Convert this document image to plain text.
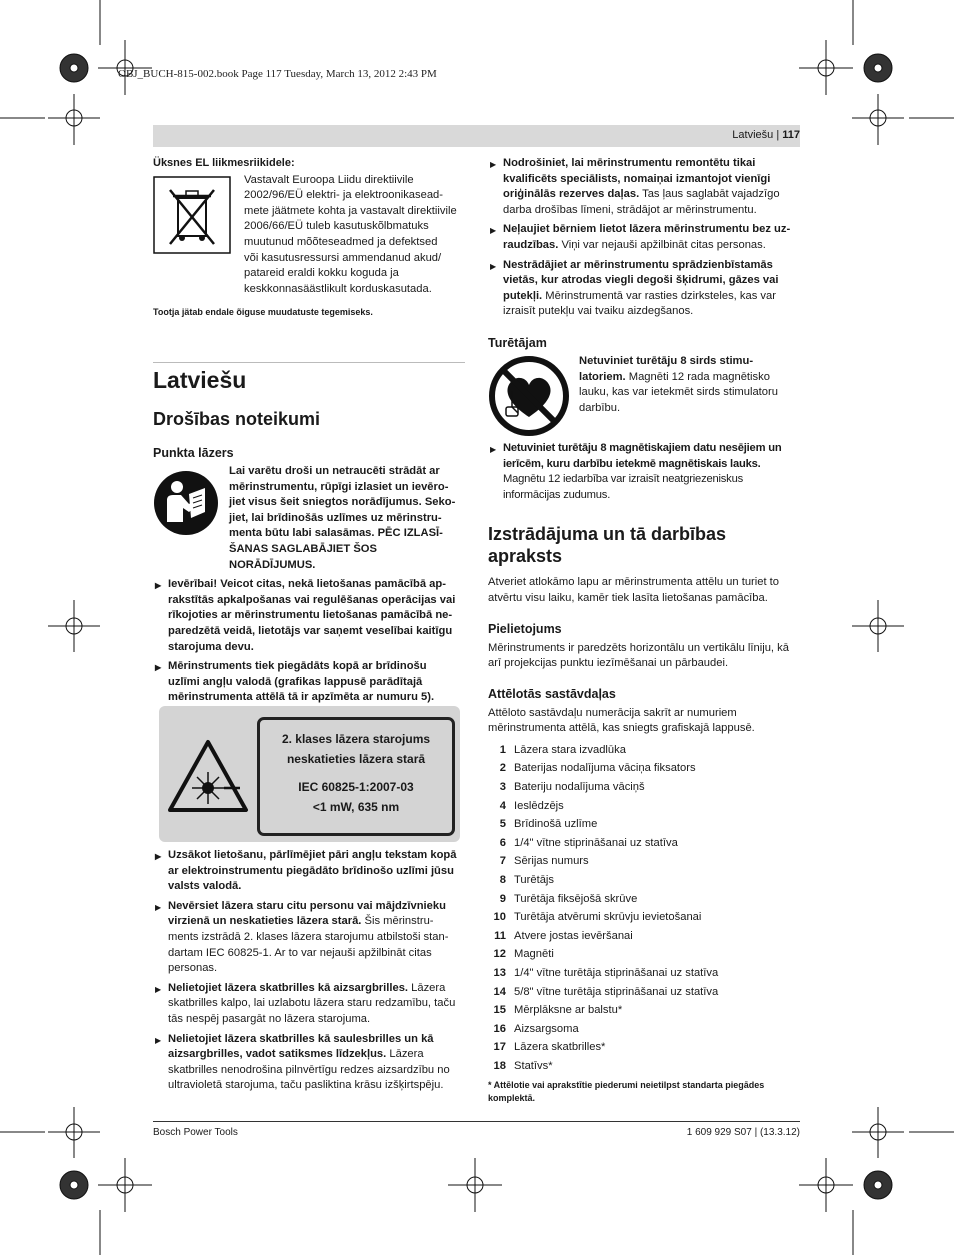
OBJ_BUCH-815-002.book Page 117 Tuesday, March 13, 2012 2:43 PM
Latviešu | 117

Üksnes EL liikmesriikidele:

Vastavalt Euroopa Liidu direktiivile

2002/96/EÜ elektri- ja elektroonikasead-

mete jäätmete kohta ja vastavalt direktiivile

2006/66/EÜ tuleb kasutuskõlbmatuks

muutunud mõõteseadmed ja defektsed

või kasutusressursi ammendanud akud/

patareid eraldi kokku koguda ja

keskkonnasäästlikult korduskasutada.

Tootja jätab endale õiguse muudatuste tegemiseks.

Latviešu
Drošības noteikumi
Punkta lāzers

Lai varētu droši un netraucēti strādāt ar

mērinstrumentu, rūpīgi izlasiet un ievēro-

jiet visus šeit sniegtos norādījumus. Seko-

jiet, lai brīdinošās uzlīmes uz mērinstru-

menta būtu labi salasāmas. PĒC IZLASĪ-

ŠANAS SAGLABĀJIET ŠOS NORĀDĪJUMUS.

▶ Ievērībai! Veicot citas, nekā lietošanas pamācībā ap-

rakstītās apkalpošanas vai regulēšanas operācijas vai

rīkojoties ar mērinstrumentu lietošanas pamācībā ne-

paredzētā veidā, lietotājs var saņemt veselībai kaitīgu

starojuma devu.

▶ Mērinstruments tiek piegādāts kopā ar brīdinošu

uzlīmi angļu valodā (grafikas lappusē parādītajā

mērinstrumenta attēlā tā ir apzīmēta ar numuru 5).

2. klases lāzera starojums
neskatieties lāzera starā
IEC 60825-1:2007-03
<1 mW, 635 nm

▶ Uzsākot lietošanu, pārlīmējiet pāri angļu tekstam kopā

ar elektroinstrumentu piegādāto brīdinošo uzlīmi jūsu

valsts valodā.

▶ Nevērsiet lāzera staru citu personu vai mājdzīvnieku

virzienā un neskatieties lāzera starā. Šis mērinstru-

ments izstrādā 2. klases lāzera starojumu atbilstoši stan-

dartam IEC 60825-1. Ar to var nejauši apžilbināt citas

personas.

▶ Nelietojiet lāzera skatbrilles kā aizsargbrilles. Lāzera

skatbrilles kalpo, lai uzlabotu lāzera staru redzamību, taču

tās nespēj pasargāt no lāzera starojuma.

▶ Nelietojiet lāzera skatbrilles kā saulesbrilles un kā

aizsargbrilles, vadot satiksmes līdzekļus. Lāzera

skatbrilles nenodrošina pilnvērtīgu redzes aizsardzību no

ultravioletā starojuma, taču pasliktina krāsu izšķirtspēju.

▶ Nodrošiniet, lai mērinstrumentu remontētu tikai

kvalificēts speciālists, nomaiņai izmantojot vienīgi

oriģinālās rezerves daļas. Tas ļaus saglabāt vajadzīgo

darba drošības līmeni, strādājot ar mērinstrumentu.

▶ Neļaujiet bērniem lietot lāzera mērinstrumentu bez uz-

raudzības. Viņi var nejauši apžilbināt citas personas.

▶ Nestrādājiet ar mērinstrumentu sprādzienbīstamās

vietās, kur atrodas viegli degoši šķidrumi, gāzes vai

putekļi. Mērinstrumentā var rasties dzirksteles, kas var

izraisīt putekļu vai tvaiku aizdegšanos.

Turētājam

Netuviniet turētāju 8 sirds stimu-

latoriem. Magnēti 12 rada magnētisko

lauku, kas var ietekmēt sirds stimulatoru

darbību.

▶ Netuviniet turētāju 8 magnētiskajiem datu nesējiem un

ierīcēm, kuru darbību ietekmē magnētiskais lauks.

Magnētu 12 iedarbība var izraisīt neatgriezeniskus

informācijas zudumus.

Izstrādājuma un tā darbības apraksts

Atveriet atlokāmo lapu ar mērinstrumenta attēlu un turiet to

atvērtu visu laiku, kamēr tiek lasīta lietošanas pamācība.

Pielietojums

Mērinstruments ir paredzēts horizontālu un vertikālu līniju, kā

arī projekcijas punktu iezīmēšanai un pārbaudei.

Attēlotās sastāvdaļas

Attēloto sastāvdaļu numerācija sakrīt ar numuriem

mērinstrumenta attēlā, kas sniegts grafiskajā lappusē.

1 Lāzera stara izvadlūka
2 Baterijas nodalījuma vāciņa fiksators
3 Bateriju nodalījuma vāciņš
4 Ieslēdzējs
5 Brīdinošā uzlīme
6 1/4" vītne stiprināšanai uz statīva
7 Sērijas numurs
8 Turētājs
9 Turētāja fiksējošā skrūve
10 Turētāja atvērumi skrūvju ievietošanai
11 Atvere jostas ievēršanai
12 Magnēti
13 1/4" vītne turētāja stiprināšanai uz statīva
14 5/8" vītne turētāja stiprināšanai uz statīva
15 Mērplāksne ar balstu*
16 Aizsargsoma
17 Lāzera skatbrilles*
18 Statīvs*

* Attēlotie vai aprakstītie piederumi neietilpst standarta piegādes

komplektā.

Bosch Power Tools	1 609 929 S07 | (13.3.12)
